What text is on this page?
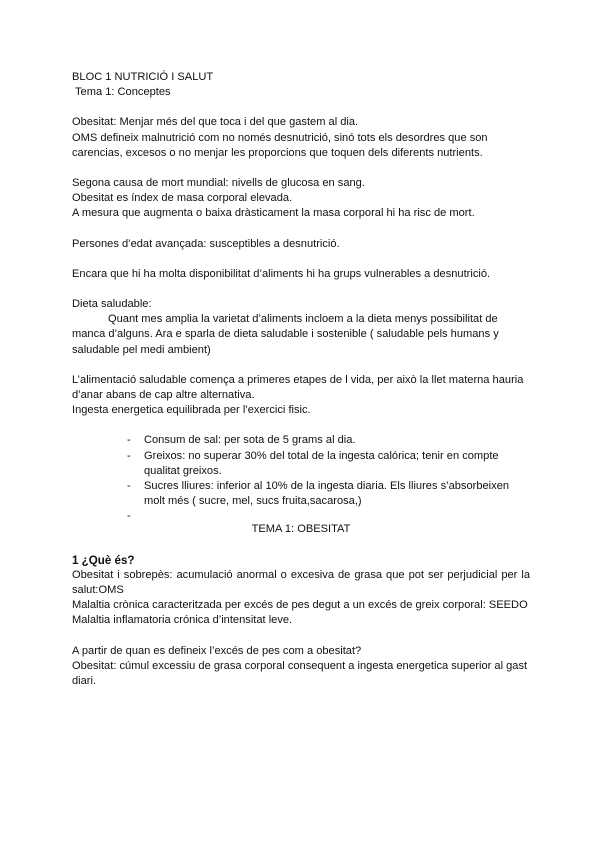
BLOC 1 NUTRICIÓ I SALUT

Tema 1: Conceptes

Obesitat: Menjar més del que toca i del que gastem al dia.

OMS defineix malnutrició com no només desnutrició, sinó tots els desordres que son

carencias, excesos o no menjar les proporcions que toquen dels diferents nutrients.

Segona causa de mort mundial: nivells de glucosa en sang.

Obesitat es índex de masa corporal elevada.

A mesura que augmenta o baixa dràsticament la masa corporal hi ha risc de mort.

Persones d’edat avançada: susceptibles a desnutrició.

Encara que hi ha molta disponibilitat d’aliments hi ha grups vulnerables a desnutrició.

Dieta saludable:

Quant mes amplia la varietat d’aliments incloem a la dieta menys possibilitat de manca d’alguns. Ara e sparla de dieta saludable i sostenible ( saludable pels humans y saludable pel medi ambient)

L’alimentació saludable comença a primeres etapes de l vida, per això la llet materna hauria d’anar abans de cap altre alternativa.

Ingesta energetica equilibrada per l’exercici fisic.

- Consum de sal: per sota de 5 grams al dia.
- Greixos: no superar 30% del total de la ingesta calórica; tenir en compte qualitat greixos.
- Sucres lliures: inferior al 10% de la ingesta diaria. Els lliures s’absorbeixen molt més ( sucre, mel, sucs fruita,sacarosa,)
-

TEMA 1: OBESITAT

1 ¿Què és?

Obesitat i sobrepès: acumulació anormal o excesiva de grasa que pot ser perjudicial per la salut:OMS

Malaltia crònica caracteritzada per excés de pes degut a un excés de greix corporal: SEEDO

Malaltia inflamatoria crónica d’intensitat leve.

A partir de quan es defineix l’excés de pes com a obesitat?

Obesitat: cúmul excessiu de grasa corporal consequent a ingesta energetica superior al gast diari.
